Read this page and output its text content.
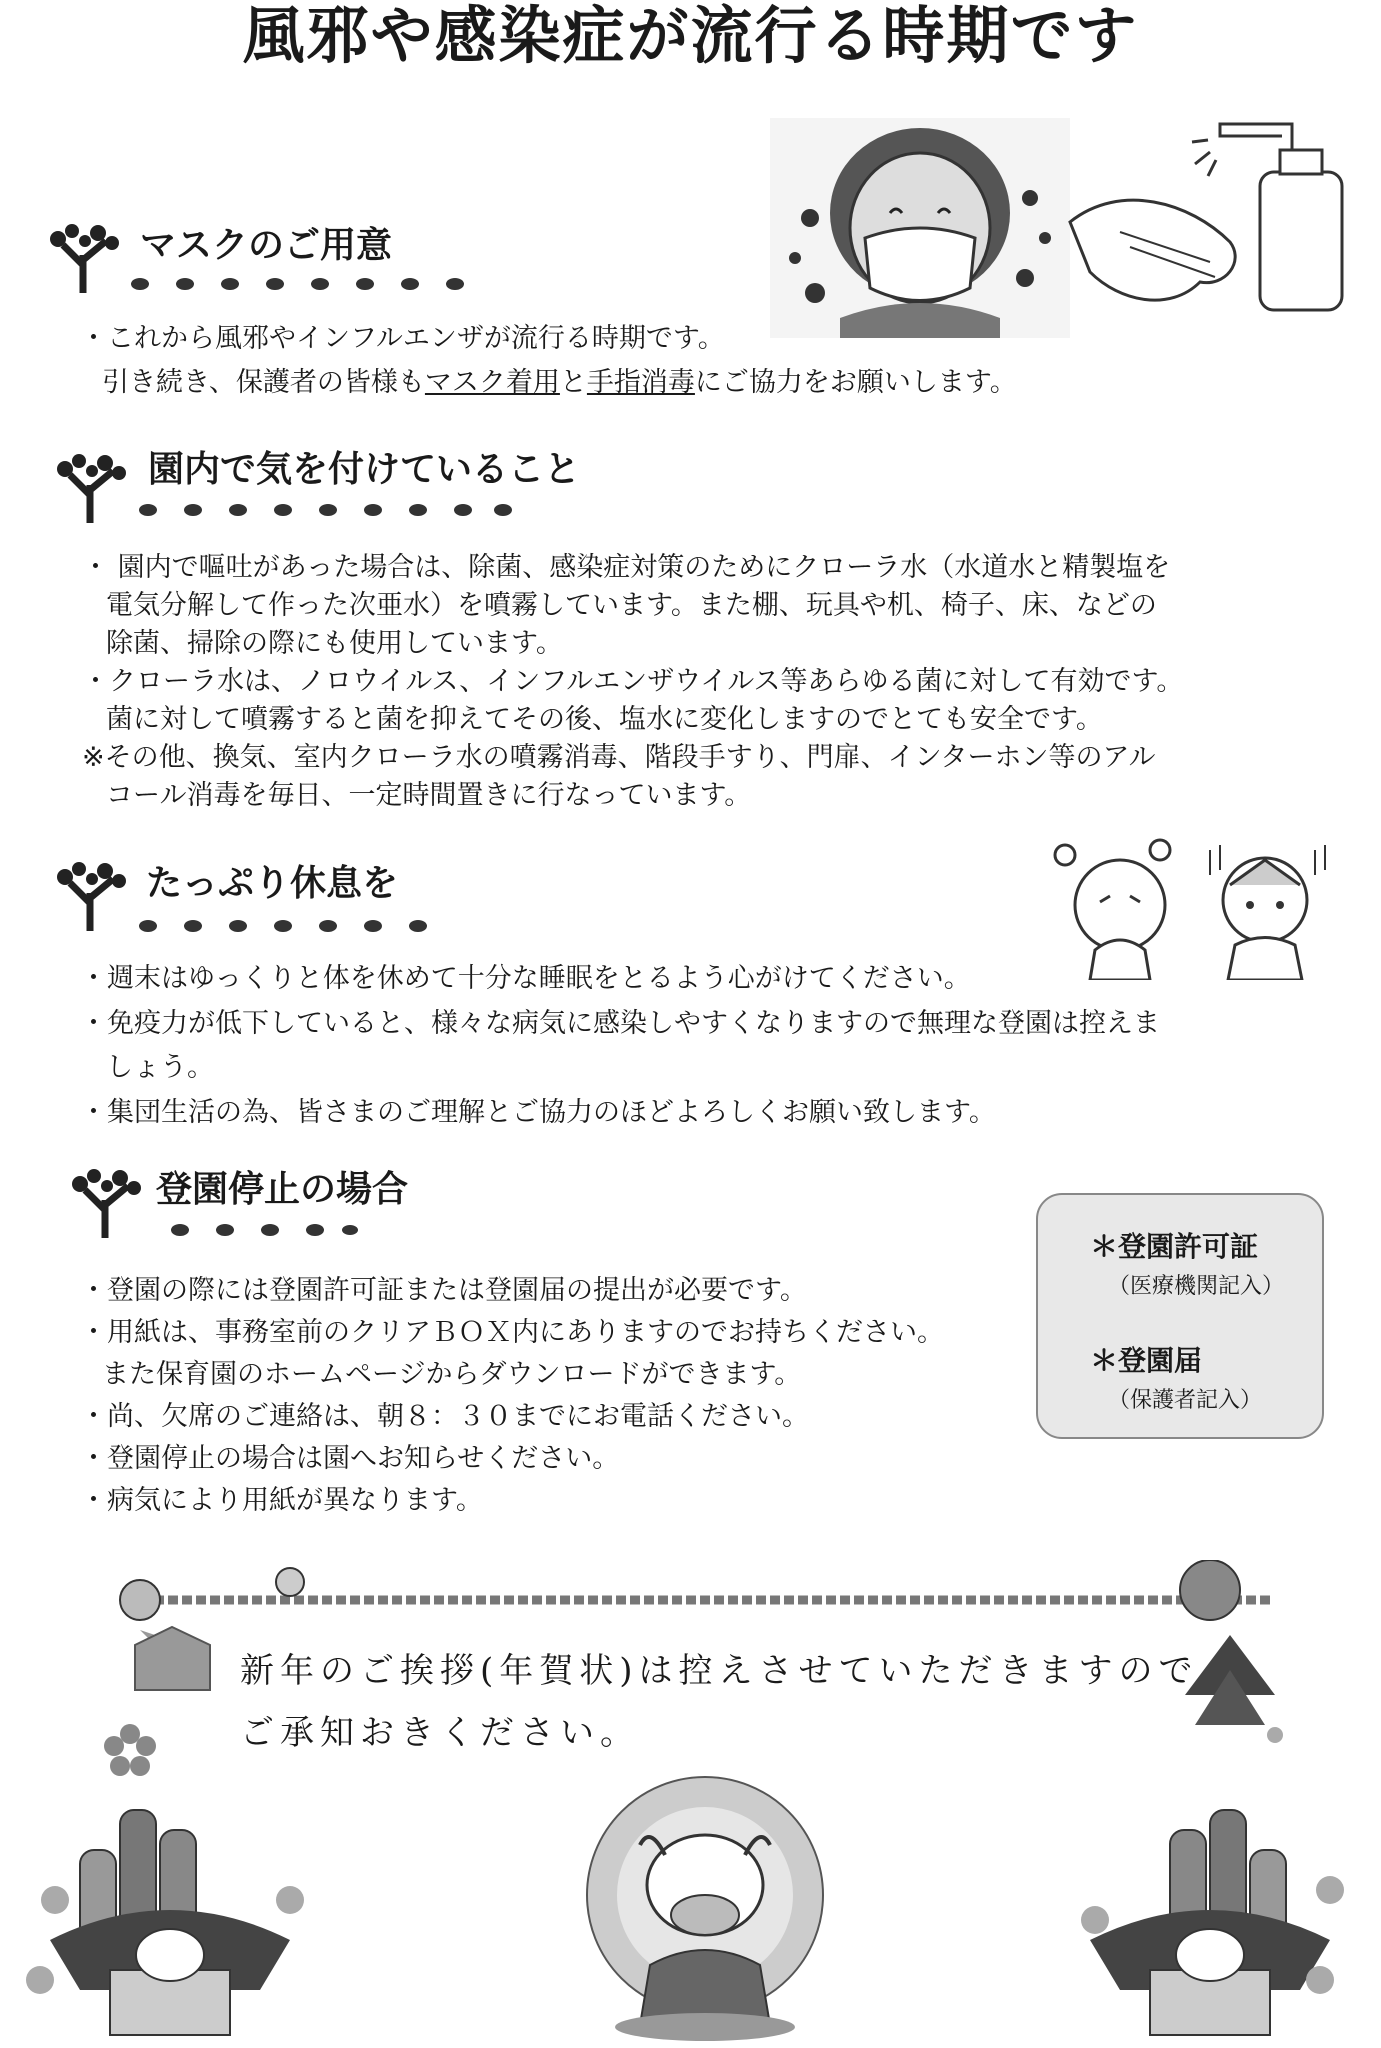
風邪や感染症が流行る時期です
マスクのご用意
・これから風邪やインフルエンザが流行る時期です。
引き続き、保護者の皆様もマスク着用と手指消毒にご協力をお願いします。
園内で気を付けていること
・ 園内で嘔吐があった場合は、除菌、感染症対策のためにクローラ水（水道水と精製塩を
電気分解して作った次亜水）を噴霧しています。また棚、玩具や机、椅子、床、などの
除菌、掃除の際にも使用しています。
・クローラ水は、ノロウイルス、インフルエンザウイルス等あらゆる菌に対して有効です。
菌に対して噴霧すると菌を抑えてその後、塩水に変化しますのでとても安全です。
※その他、換気、室内クローラ水の噴霧消毒、階段手すり、門扉、インターホン等のアル
コール消毒を毎日、一定時間置きに行なっています。
たっぷり休息を
・週末はゆっくりと体を休めて十分な睡眠をとるよう心がけてください。
・免疫力が低下していると、様々な病気に感染しやすくなりますので無理な登園は控えま
しょう。
・集団生活の為、皆さまのご理解とご協力のほどよろしくお願い致します。
登園停止の場合
＊登園許可証
（医療機関記入）
＊登園届
（保護者記入）
・登園の際には登園許可証または登園届の提出が必要です。
・用紙は、事務室前のクリアＢＯＸ内にありますのでお持ちください。
また保育園のホームページからダウンロードができます。
・尚、欠席のご連絡は、朝８：３０までにお電話ください。
・登園停止の場合は園へお知らせください。
・病気により用紙が異なります。
新年のご挨拶(年賀状)は控えさせていただきますので
ご承知おきください。
